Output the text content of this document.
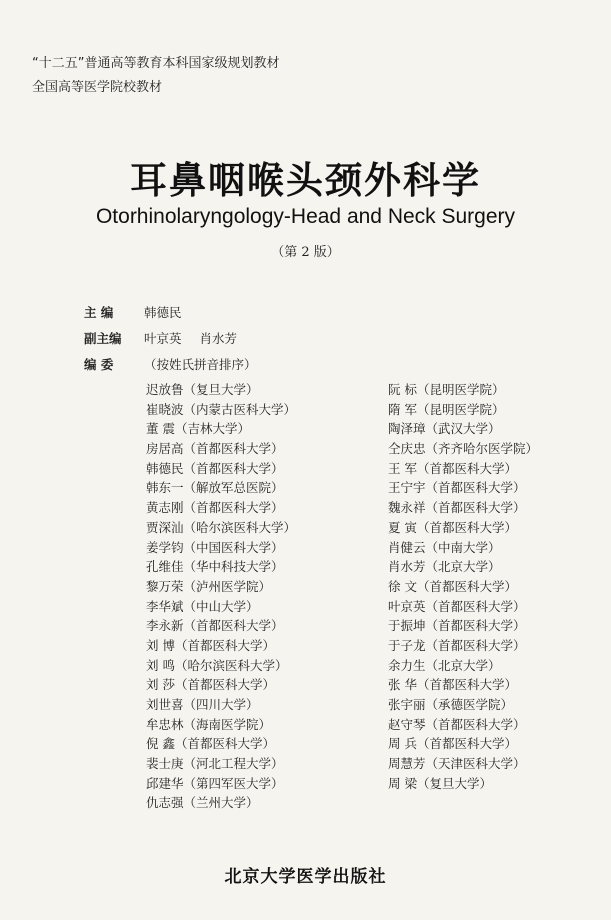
“十二五”普通高等教育本科国家级规划教材
全国高等医学院校教材
耳鼻咽喉头颈外科学
Otorhinolaryngology-Head and Neck Surgery
（第 2 版）
主 编 韩德民
副主编 叶京英 肖水芳
编 委 （按姓氏拼音排序）
迟放鲁（复旦大学）
崔晓波（内蒙古医科大学）
董 震（吉林大学）
房居高（首都医科大学）
韩德民（首都医科大学）
韩东一（解放军总医院）
黄志刚（首都医科大学）
贾深汕（哈尔滨医科大学）
姜学钧（中国医科大学）
孔维佳（华中科技大学）
黎万荣（泸州医学院）
李华斌（中山大学）
李永新（首都医科大学）
刘 博（首都医科大学）
刘 鸣（哈尔滨医科大学）
刘 莎（首都医科大学）
刘世喜（四川大学）
牟忠林（海南医学院）
倪 鑫（首都医科大学）
裴士庚（河北工程大学）
邱建华（第四军医大学）
仇志强（兰州大学）
阮 标（昆明医学院）
隋 军（昆明医学院）
陶泽璋（武汉大学）
仝庆忠（齐齐哈尔医学院）
王 军（首都医科大学）
王宁宇（首都医科大学）
魏永祥（首都医科大学）
夏 寅（首都医科大学）
肖健云（中南大学）
肖水芳（北京大学）
徐 文（首都医科大学）
叶京英（首都医科大学）
于振坤（首都医科大学）
于子龙（首都医科大学）
余力生（北京大学）
张 华（首都医科大学）
张宇丽（承德医学院）
赵守琴（首都医科大学）
周 兵（首都医科大学）
周慧芳（天津医科大学）
周 梁（复旦大学）
北京大学医学出版社
